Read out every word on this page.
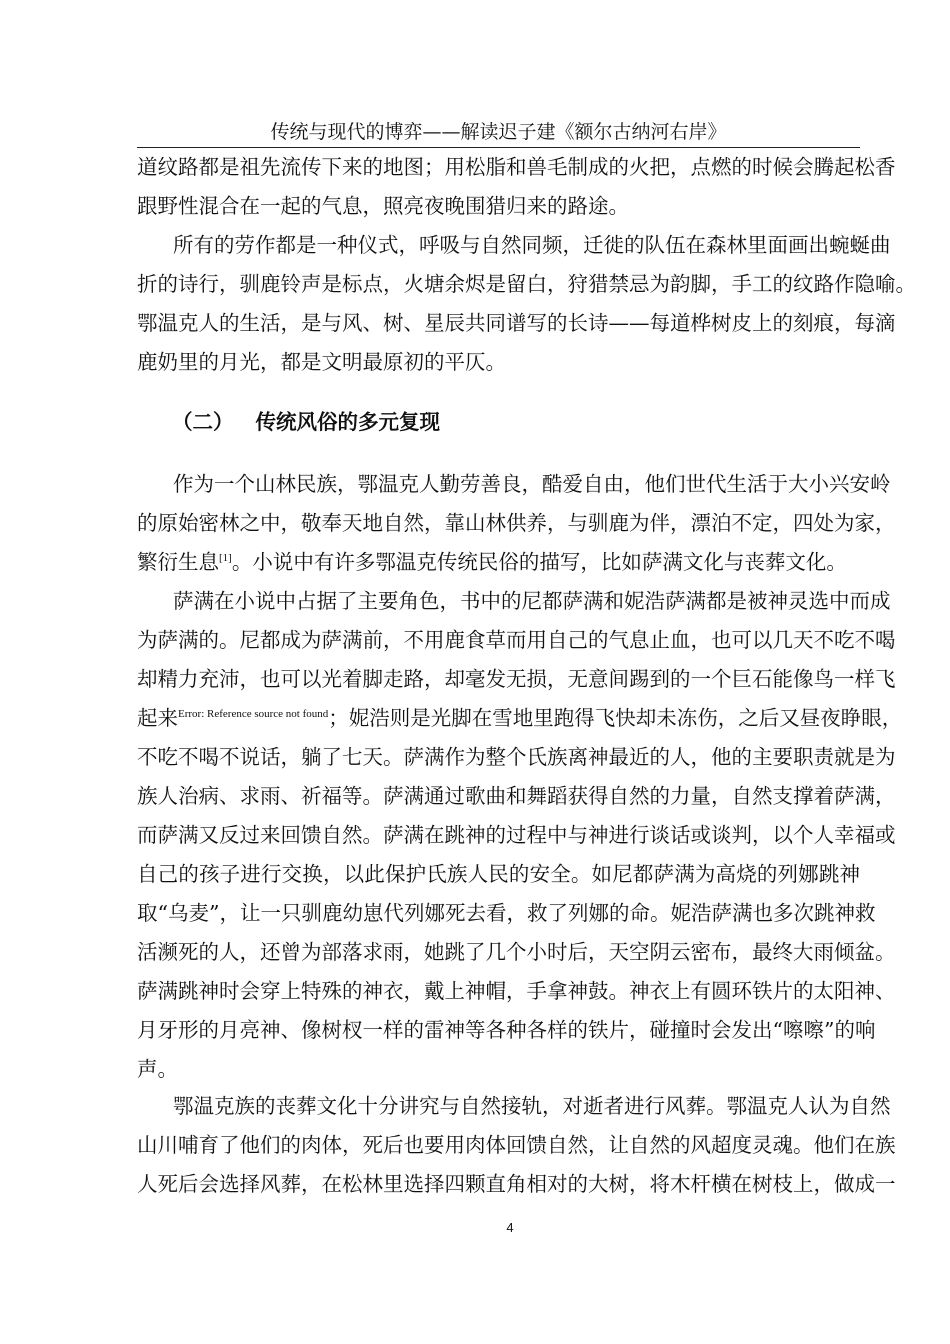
传统与现代的博弈——解读迟子建《额尔古纳河右岸》
道纹路都是祖先流传下来的地图；用松脂和兽毛制成的火把，点燃的时候会腾起松香
跟野性混合在一起的气息，照亮夜晚围猎归来的路途。
所有的劳作都是一种仪式，呼吸与自然同频，迁徙的队伍在森林里面画出蜿蜒曲
折的诗行，驯鹿铃声是标点，火塘余烬是留白，狩猎禁忌为韵脚，手工的纹路作隐喻。
鄂温克人的生活，是与风、树、星辰共同谱写的长诗——每道桦树皮上的刻痕，每滴
鹿奶里的月光，都是文明最原初的平仄。
（二） 传统风俗的多元复现
作为一个山林民族，鄂温克人勤劳善良，酷爱自由，他们世代生活于大小兴安岭
的原始密林之中，敬奉天地自然，靠山林供养，与驯鹿为伴，漂泊不定，四处为家，
繁衍生息[1]。小说中有许多鄂温克传统民俗的描写，比如萨满文化与丧葬文化。
萨满在小说中占据了主要角色，书中的尼都萨满和妮浩萨满都是被神灵选中而成
为萨满的。尼都成为萨满前，不用鹿食草而用自己的气息止血，也可以几天不吃不喝
却精力充沛，也可以光着脚走路，却毫发无损，无意间踢到的一个巨石能像鸟一样飞
起来$^{Error: Reference source not found}$；妮浩则是光脚在雪地里跑得飞快却未冻伤，之后又昼夜睁眼，
不吃不喝不说话，躺了七天。萨满作为整个氏族离神最近的人，他的主要职责就是为
族人治病、求雨、祈福等。萨满通过歌曲和舞蹈获得自然的力量，自然支撑着萨满，
而萨满又反过来回馈自然。萨满在跳神的过程中与神进行谈话或谈判，以个人幸福或
自己的孩子进行交换，以此保护氏族人民的安全。如尼都萨满为高烧的列娜跳神
取“乌麦”，让一只驯鹿幼崽代列娜死去看，救了列娜的命。妮浩萨满也多次跳神救
活濒死的人，还曾为部落求雨，她跳了几个小时后，天空阴云密布，最终大雨倾盆。
萨满跳神时会穿上特殊的神衣，戴上神帽，手拿神鼓。神衣上有圆环铁片的太阳神、
月牙形的月亮神、像树杈一样的雷神等各种各样的铁片，碰撞时会发出“嚓嚓”的响
声。
鄂温克族的丧葬文化十分讲究与自然接轨，对逝者进行风葬。鄂温克人认为自然
山川哺育了他们的肉体，死后也要用肉体回馈自然，让自然的风超度灵魂。他们在族
人死后会选择风葬，在松林里选择四颗直角相对的大树，将木杆横在树枝上，做成一
4
